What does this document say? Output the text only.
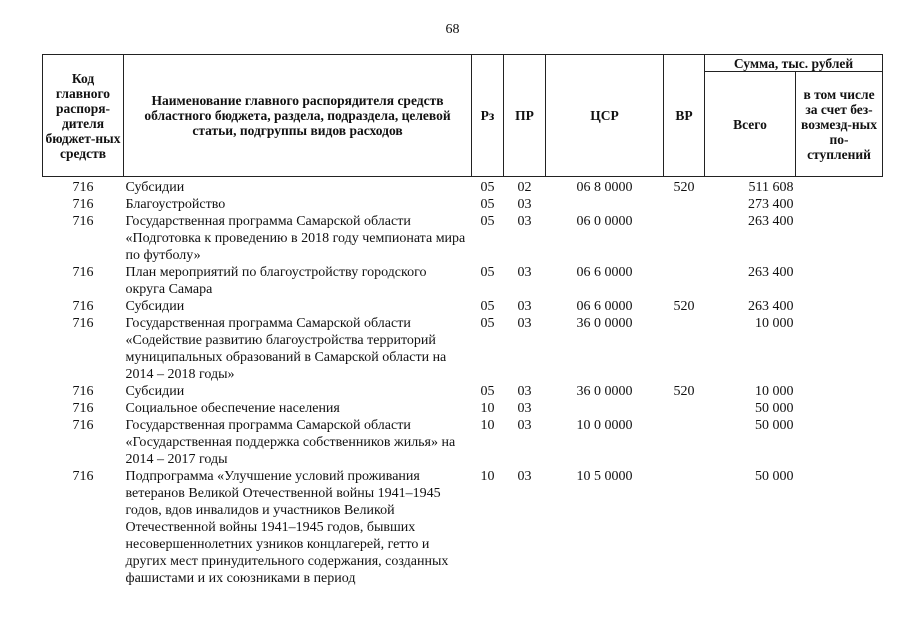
68
Код главного распоря-дителя бюджет-ных средств	Наименование главного распорядителя средств областного бюджета, раздела, подраздела, целевой статьи, подгруппы видов расходов	Рз	ПР	ЦСР	ВР	Сумма, тыс. рублей	
						Всего	в том числе за счет без-возмезд-ных по-ступлений
716	Субсидии	05	02	06 8 0000	520	511 608	
716	Благоустройство	05	03			273 400	
716	Государственная программа Самарской области «Подготовка к проведению в 2018 году чемпионата мира по футболу»	05	03	06 0 0000		263 400	
716	План мероприятий по благоустройству городского округа Самара	05	03	06 6 0000		263 400	
716	Субсидии	05	03	06 6 0000	520	263 400	
716	Государственная программа Самарской области «Содействие развитию благоустройства территорий муниципальных образований в Самарской области на 2014 – 2018 годы»	05	03	36 0 0000		10 000	
716	Субсидии	05	03	36 0 0000	520	10 000	
716	Социальное обеспечение населения	10	03			50 000	
716	Государственная программа Самарской области «Государственная поддержка собственников жилья» на 2014 – 2017 годы	10	03	10 0 0000		50 000	
716	Подпрограмма «Улучшение условий проживания ветеранов Великой Отечественной войны 1941–1945 годов, вдов инвалидов и участников Великой Отечественной войны 1941–1945 годов, бывших несовершеннолетних узников концлагерей, гетто и других мест принудительного содержания, созданных фашистами и их союзниками в период	10	03	10 5 0000		50 000	
